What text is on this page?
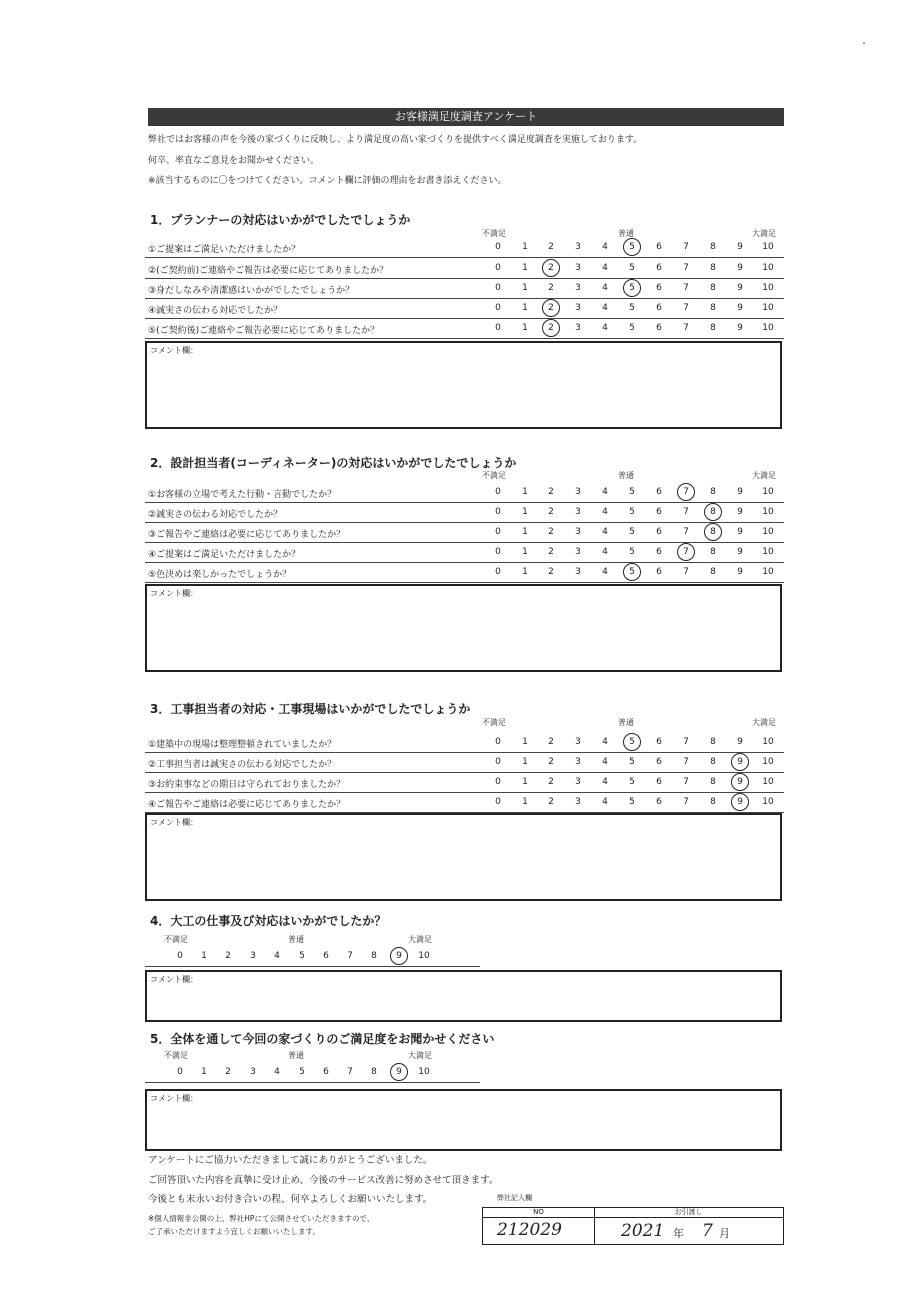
お客様満足度調査アンケート
弊社ではお客様の声を今後の家づくりに反映し、より満足度の高い家づくりを提供すべく満足度調査を実施しております。
何卒、率直なご意見をお聞かせください。
※該当するものに〇をつけてください。コメント欄に評価の理由をお書き添えください。
1．プランナーの対応はいかがでしたでしょうか
不満足	普通	大満足
①ご提案はご満足いただけましたか？	0	1	2	3	4	5	6	7	8	9	10
②(ご契約前)ご連絡やご報告は必要に応じてありましたか？	0	1	2	3	4	5	6	7	8	9	10
③身だしなみや清潔感はいかがでしたでしょうか？	0	1	2	3	4	5	6	7	8	9	10
④誠実さの伝わる対応でしたか？	0	1	2	3	4	5	6	7	8	9	10
⑤(ご契約後)ご連絡やご報告必要に応じてありましたか？	0	1	2	3	4	5	6	7	8	9	10
コメント欄：
2．設計担当者(コーディネーター)の対応はいかがでしたでしょうか
不満足	普通	大満足
①お客様の立場で考えた行動・言動でしたか？	0	1	2	3	4	5	6	7	8	9	10
②誠実さの伝わる対応でしたか？	0	1	2	3	4	5	6	7	8	9	10
③ご報告やご連絡は必要に応じてありましたか？	0	1	2	3	4	5	6	7	8	9	10
④ご提案はご満足いただけましたか？	0	1	2	3	4	5	6	7	8	9	10
⑤色決めは楽しかったでしょうか？	0	1	2	3	4	5	6	7	8	9	10
コメント欄：
3．工事担当者の対応・工事現場はいかがでしたでしょうか
不満足	普通	大満足
①建築中の現場は整理整頓されていましたか？	0	1	2	3	4	5	6	7	8	9	10
②工事担当者は誠実さの伝わる対応でしたか？	0	1	2	3	4	5	6	7	8	9	10
③お約束事などの期日は守られておりましたか？	0	1	2	3	4	5	6	7	8	9	10
④ご報告やご連絡は必要に応じてありましたか？	0	1	2	3	4	5	6	7	8	9	10
コメント欄：
4．大工の仕事及び対応はいかがでしたか？
不満足	普通	大満足
0	1	2	3	4	5	6	7	8	9	10
コメント欄：
5．全体を通して今回の家づくりのご満足度をお聞かせください
不満足	普通	大満足
0	1	2	3	4	5	6	7	8	9	10
コメント欄：
アンケートにご協力いただきまして誠にありがとうございました。
ご回答頂いた内容を真摯に受け止め、今後のサービス改善に努めさせて頂きます。
今後とも末永いお付き合いの程、何卒よろしくお願いいたします。
※個人情報非公開の上、弊社HPにて公開させていただきますので、
ご了承いただけますよう宜しくお願いいたします。
弊社記入欄
NO	お引渡し
212029	2021 年 7 月
